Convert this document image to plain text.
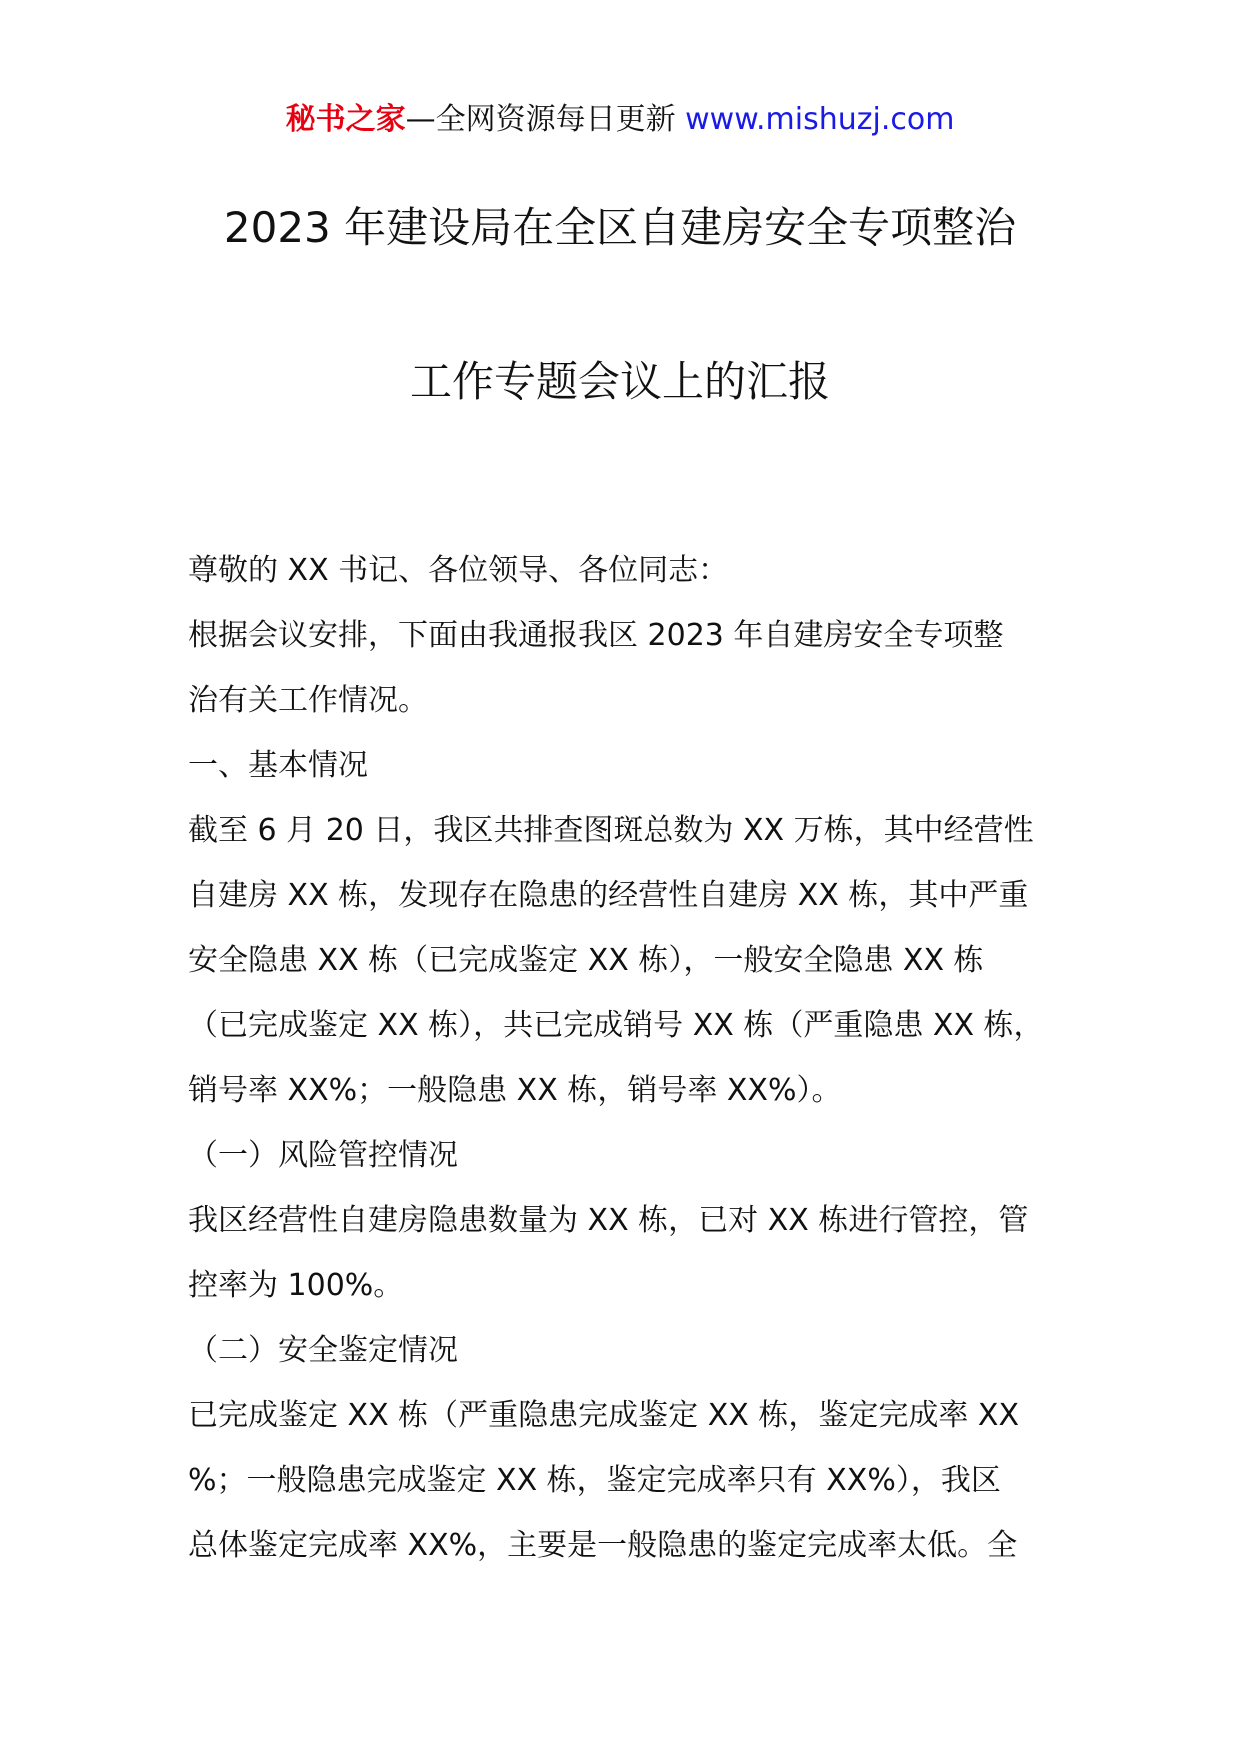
秘书之家—全网资源每日更新 www.mishuzj.com
2023 年建设局在全区自建房安全专项整治
工作专题会议上的汇报
尊敬的 XX 书记、各位领导、各位同志：
根据会议安排，下面由我通报我区 2023 年自建房安全专项整
治有关工作情况。
一、基本情况
截至 6 月 20 日，我区共排查图斑总数为 XX 万栋，其中经营性
自建房 XX 栋，发现存在隐患的经营性自建房 XX 栋，其中严重
安全隐患 XX 栋（已完成鉴定 XX 栋），一般安全隐患 XX 栋
（已完成鉴定 XX 栋），共已完成销号 XX 栋（严重隐患 XX 栋，
销号率 XX%；一般隐患 XX 栋，销号率 XX%）。
（一）风险管控情况
我区经营性自建房隐患数量为 XX 栋，已对 XX 栋进行管控，管
控率为 100%。
（二）安全鉴定情况
已完成鉴定 XX 栋（严重隐患完成鉴定 XX 栋，鉴定完成率 XX
%；一般隐患完成鉴定 XX 栋，鉴定完成率只有 XX%），我区
总体鉴定完成率 XX%，主要是一般隐患的鉴定完成率太低。全
